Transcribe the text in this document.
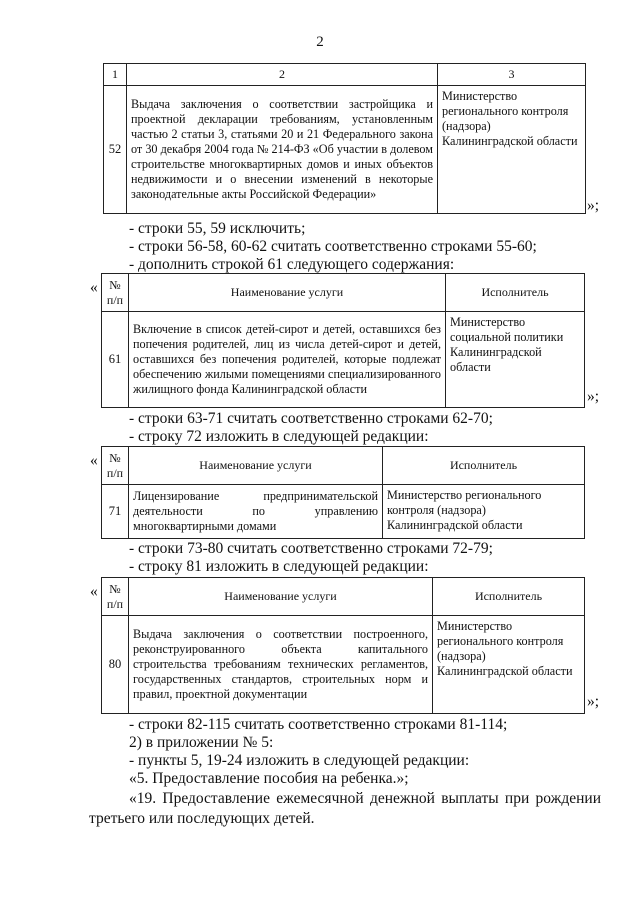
2
1	2	3
52	Выдача заключения о соответствии застройщика и проектной декларации требованиям, установленным частью 2 статьи 3, статьями 20 и 21 Федерального закона от 30 декабря 2004 года № 214-ФЗ «Об участии в долевом строительстве многоквартирных домов и иных объектов недвижимости и о внесении изменений в некоторые законодательные акты Российской Федерации»	Министерство регионального контроля (надзора) Калининградской области
»;
- строки 55, 59 исключить;
- строки 56-58, 60-62 считать соответственно строками 55-60;
- дополнить строкой 61 следующего содержания:
« № п/п	Наименование услуги	Исполнитель
61	Включение в список детей-сирот и детей, оставшихся без попечения родителей, лиц из числа детей-сирот и детей, оставшихся без попечения родителей, которые подлежат обеспечению жилыми помещениями специализированного жилищного фонда Калининградской области	Министерство социальной политики Калининградской области
»;
- строки 63-71 считать соответственно строками 62-70;
- строку 72 изложить в следующей редакции:
« № п/п	Наименование услуги	Исполнитель
71	Лицензирование предпринимательской деятельности по управлению многоквартирными домами	Министерство регионального контроля (надзора) Калининградской области
- строки 73-80 считать соответственно строками 72-79;
- строку 81 изложить в следующей редакции:
« № п/п	Наименование услуги	Исполнитель
80	Выдача заключения о соответствии построенного, реконструированного объекта капитального строительства требованиям технических регламентов, государственных стандартов, строительных норм и правил, проектной документации	Министерство регионального контроля (надзора) Калининградской области
»;
- строки 82-115 считать соответственно строками 81-114;
2) в приложении № 5:
- пункты 5, 19-24 изложить в следующей редакции:
«5. Предоставление пособия на ребенка.»;
«19. Предоставление ежемесячной денежной выплаты при рождении третьего или последующих детей.
